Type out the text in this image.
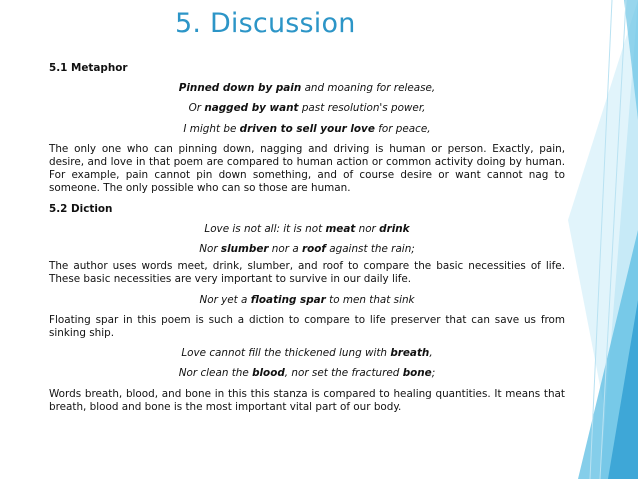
5. Discussion

5.1 Metaphor

Pinned down by pain and moaning for release,

Or nagged by want past resolution's power,

I might be driven to sell your love for peace,

The only one who can pinning down, nagging and driving is human or person. Exactly, pain, desire, and love in that poem are compared to human action or common activity doing by human. For example, pain cannot pin down something, and of course desire or want cannot nag to someone. The only possible who can so those are human.

5.2 Diction

Love is not all: it is not meat nor drink

Nor slumber nor a roof against the rain;

The author uses words meet, drink, slumber, and roof to compare the basic necessities of life. These basic necessities are very important to survive in our daily life.

Nor yet a floating spar to men that sink

Floating spar in this poem is such a diction to compare to life preserver that can save us from sinking ship.

Love cannot fill the thickened lung with breath,

Nor clean the blood, nor set the fractured bone;

Words breath, blood, and bone in this this stanza is compared to healing quantities. It means that breath, blood and bone is the most important vital part of our body.
